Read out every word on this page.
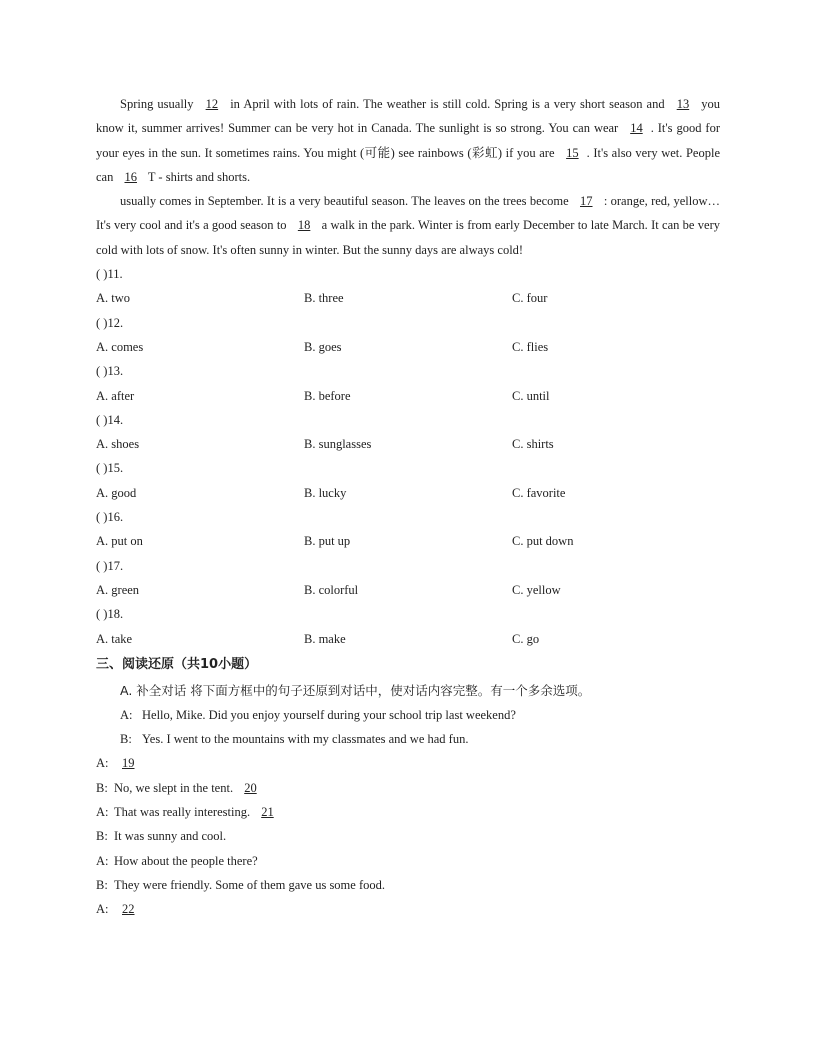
Spring usually 12 in April with lots of rain. The weather is still cold. Spring is a very short season and 13 you know it, summer arrives! Summer can be very hot in Canada. The sunlight is so strong. You can wear 14 . It's good for your eyes in the sun. It sometimes rains. You might (可能) see rainbows (彩虹) if you are 15 . It's also very wet. People can 16 T - shirts and shorts.

usually comes in September. It is a very beautiful season. The leaves on the trees become 17 : orange, red, yellow… It's very cool and it's a good season to 18 a walk in the park. Winter is from early December to late March. It can be very cold with lots of snow. It's often sunny in winter. But the sunny days are always cold!

( )11.
A. two	B. three	C. four
( )12.
A. comes	B. goes	C. flies
( )13.
A. after	B. before	C. until
( )14.
A. shoes	B. sunglasses	C. shirts
( )15.
A. good	B. lucky	C. favorite
( )16.
A. put on	B. put up	C. put down
( )17.
A. green	B. colorful	C. yellow
( )18.
A. take	B. make	C. go
三、阅读还原（共10小题）
A. 补全对话 将下面方框中的句子还原到对话中，使对话内容完整。有一个多余选项。
A: Hello, Mike. Did you enjoy yourself during your school trip last weekend?
B: Yes. I went to the mountains with my classmates and we had fun.
A: 19
B: No, we slept in the tent. 20
A: That was really interesting. 21
B: It was sunny and cool.
A: How about the people there?
B: They were friendly. Some of them gave us some food.
A: 22
